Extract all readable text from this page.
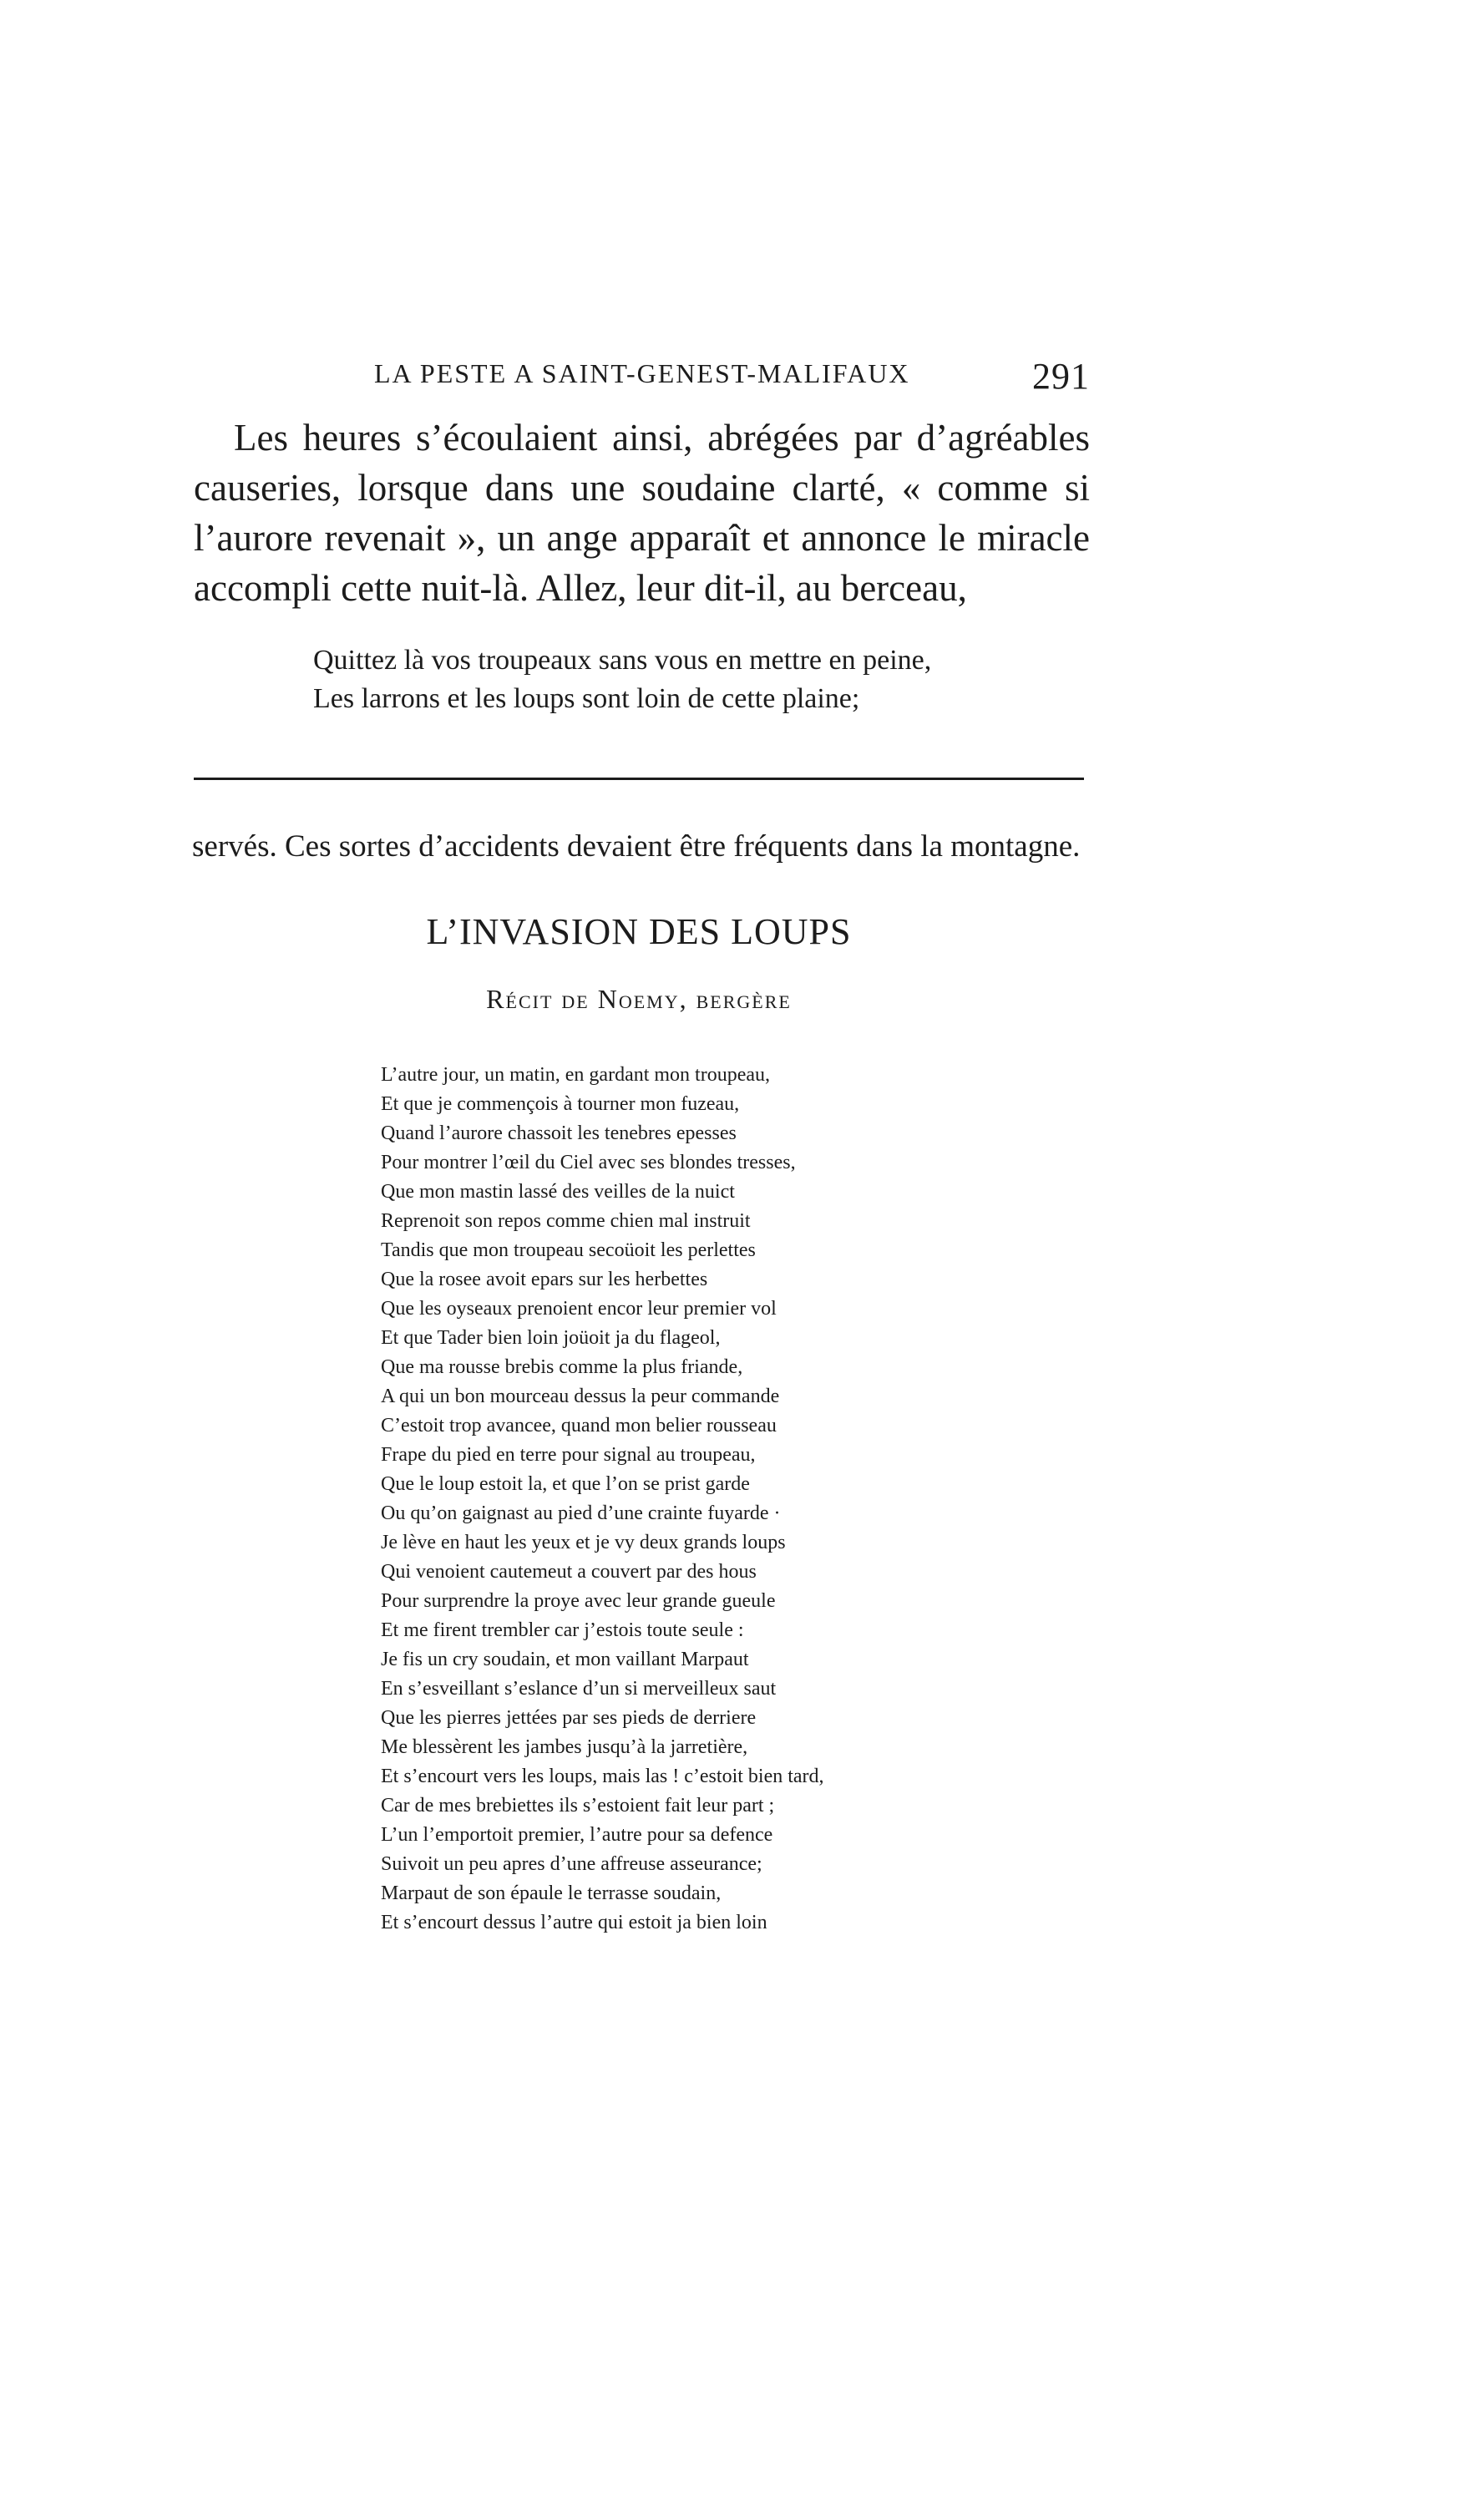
LA PESTE A SAINT-GENEST-MALIFAUX	291

Les heures s’écoulaient ainsi, abrégées par d’agréables causeries, lorsque dans une soudaine clarté, « comme si l’aurore revenait », un ange apparaît et annonce le miracle accompli cette nuit-là. Allez, leur dit-il, au berceau,

Quittez là vos troupeaux sans vous en mettre en peine,
Les larrons et les loups sont loin de cette plaine;
servés. Ces sortes d’accidents devaient être fréquents dans la montagne.
L’INVASION DES LOUPS
Récit de Noemy, bergère
L’autre jour, un matin, en gardant mon troupeau,
Et que je commençois à tourner mon fuzeau,
Quand l’aurore chassoit les tenebres epesses
Pour montrer l’œil du Ciel avec ses blondes tresses,
Que mon mastin lassé des veilles de la nuict
Reprenoit son repos comme chien mal instruit
Tandis que mon troupeau secoüoit les perlettes
Que la rosee avoit epars sur les herbettes
Que les oyseaux prenoient encor leur premier vol
Et que Tader bien loin joüoit ja du flageol,
Que ma rousse brebis comme la plus friande,
A qui un bon mourceau dessus la peur commande
C’estoit trop avancee, quand mon belier rousseau
Frape du pied en terre pour signal au troupeau,
Que le loup estoit la, et que l’on se prist garde
Ou qu’on gaignast au pied d’une crainte fuyarde ·
Je lève en haut les yeux et je vy deux grands loups
Qui venoient cautemeut a couvert par des hous
Pour surprendre la proye avec leur grande gueule
Et me firent trembler car j’estois toute seule :
Je fis un cry soudain, et mon vaillant Marpaut
En s’esveillant s’eslance d’un si merveilleux saut
Que les pierres jettées par ses pieds de derriere
Me blessèrent les jambes jusqu’à la jarretière,
Et s’encourt vers les loups, mais las ! c’estoit bien tard,
Car de mes brebiettes ils s’estoient fait leur part ;
L’un l’emportoit premier, l’autre pour sa defence
Suivoit un peu apres d’une affreuse asseurance;
Marpaut de son épaule le terrasse soudain,
Et s’encourt dessus l’autre qui estoit ja bien loin
